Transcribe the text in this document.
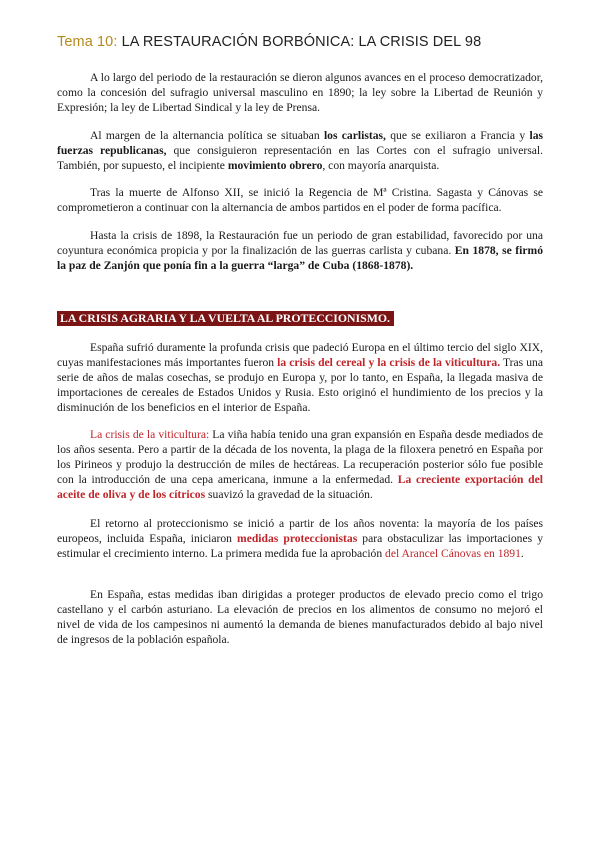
Tema 10: LA RESTAURACIÓN BORBÓNICA: LA CRISIS DEL 98

A lo largo del periodo de la restauración se dieron algunos avances en el proceso democratizador, como la concesión del sufragio universal masculino en 1890; la ley sobre la Libertad de Reunión y Expresión; la ley de Libertad Sindical y la ley de Prensa.

Al margen de la alternancia política se situaban los carlistas, que se exiliaron a Francia y las fuerzas republicanas, que consiguieron representación en las Cortes con el sufragio universal. También, por supuesto, el incipiente movimiento obrero, con mayoría anarquista.

Tras la muerte de Alfonso XII, se inició la Regencia de Mª Cristina. Sagasta y Cánovas se comprometieron a continuar con la alternancia de ambos partidos en el poder de forma pacífica.

Hasta la crisis de 1898, la Restauración fue un periodo de gran estabilidad, favorecido por una coyuntura económica propicia y por la finalización de las guerras carlista y cubana. En 1878, se firmó la paz de Zanjón que ponía fin a la guerra “larga” de Cuba (1868-1878).

LA CRISIS AGRARIA Y LA VUELTA AL PROTECCIONISMO.

España sufrió duramente la profunda crisis que padeció Europa en el último tercio del siglo XIX, cuyas manifestaciones más importantes fueron la crisis del cereal y la crisis de la viticultura. Tras una serie de años de malas cosechas, se produjo en Europa y, por lo tanto, en España, la llegada masiva de importaciones de cereales de Estados Unidos y Rusia. Esto originó el hundimiento de los precios y la disminución de los beneficios en el interior de España.

La crisis de la viticultura: La viña había tenido una gran expansión en España desde mediados de los años sesenta. Pero a partir de la década de los noventa, la plaga de la filoxera penetró en España por los Pirineos y produjo la destrucción de miles de hectáreas. La recuperación posterior sólo fue posible con la introducción de una cepa americana, inmune a la enfermedad. La creciente exportación del aceite de oliva y de los cítricos suavizó la gravedad de la situación.

El retorno al proteccionismo se inició a partir de los años noventa: la mayoría de los países europeos, incluida España, iniciaron medidas proteccionistas para obstaculizar las importaciones y estimular el crecimiento interno. La primera medida fue la aprobación del Arancel Cánovas en 1891.

En España, estas medidas iban dirigidas a proteger productos de elevado precio como el trigo castellano y el carbón asturiano. La elevación de precios en los alimentos de consumo no mejoró el nivel de vida de los campesinos ni aumentó la demanda de bienes manufacturados debido al bajo nivel de ingresos de la población española.
